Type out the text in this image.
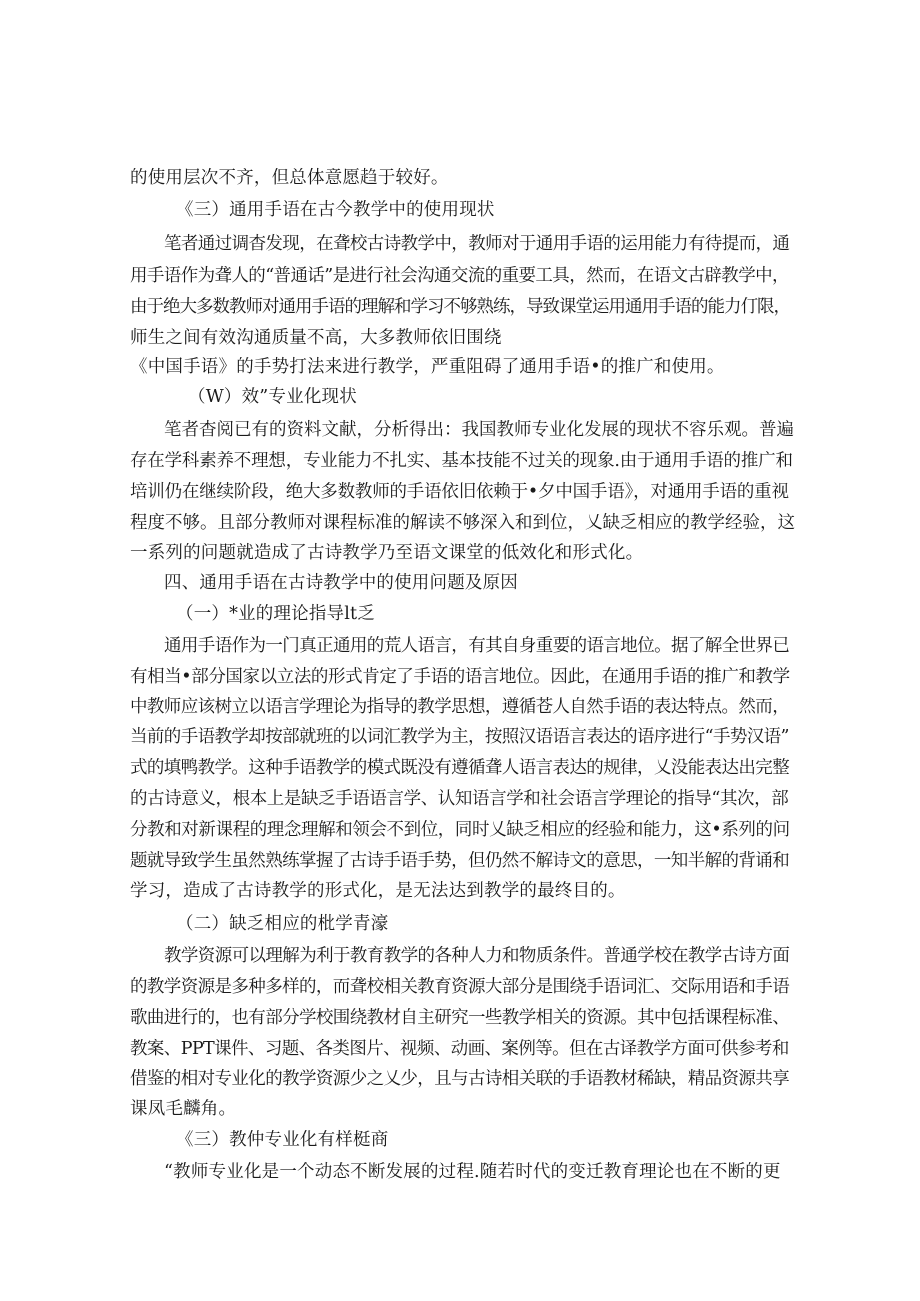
的使用层次不齐，但总体意愿趋于较好。
《三）通用手语在古今教学中的使用现状
笔者通过调杳发现，在聋校古诗教学中，教师对于通用手语的运用能力有待提而，通
用手语作为聋人的“普通话”是进行社会沟通交流的重要工具，然而，在语文古辟教学中，
由于绝大多数教师对通用手语的理解和学习不够熟练，导致课堂运用通用手语的能力仃限，
师生之间有效沟通质量不高，大多教师依旧围绕
《中国手语》的手势打法来进行教学，严重阻碍了通用手语•的推广和使用。
（W）效”专业化现状
笔者杳阅已有的资料文献，分析得出：我国教师专业化发展的现状不容乐观。普遍
存在学科素养不理想，专业能力不扎实、基本技能不过关的现象.由于通用手语的推广和
培训仍在继续阶段，绝大多数教师的手语依旧依赖于•夕中国手语》，对通用手语的重视
程度不够。且部分教师对课程标准的解读不够深入和到位，乂缺乏相应的教学经验，这
一系列的问题就造成了古诗教学乃至语文课堂的低效化和形式化。
四、通用手语在古诗教学中的使用问题及原因
（一）*业的理论指导lt乏
通用手语作为一门真正通用的荒人语言，有其自身重要的语言地位。据了解全世界已
有相当•部分国家以立法的形式肯定了手语的语言地位。因此，在通用手语的推广和教学
中教师应该树立以语言学理论为指导的教学思想，遵循苍人自然手语的表达特点。然而，
当前的手语教学却按部就班的以词汇教学为主，按照汉语语言表达的语序进行“手势汉语”
式的填鸭教学。这种手语教学的模式既没有遵循聋人语言表达的规律，乂没能表达出完整
的古诗意义，根本上是缺乏手语语言学、认知语言学和社会语言学理论的指导“其次，部
分教和对新课程的理念理解和领会不到位，同时乂缺乏相应的经验和能力，这•系列的问
题就导致学生虽然熟练掌握了古诗手语手势，但仍然不解诗文的意思，一知半解的背诵和
学习，造成了古诗教学的形式化，是无法达到教学的最终目的。
（二）缺乏相应的枇学青濠
教学资源可以理解为利于教育教学的各种人力和物质条件。普通学校在教学古诗方面
的教学资源是多种多样的，而聋校相关教育资源大部分是围绕手语词汇、交际用语和手语
歌曲进行的，也有部分学校围绕教材自主研究一些教学相关的资源。其中包括课程标准、
教案、PPT课件、习题、各类图片、视频、动画、案例等。但在古译教学方面可供参考和
借鉴的相对专业化的教学资源少之乂少，且与古诗相关联的手语教材稀缺，精品资源共享
课凤毛麟角。
《三）教仲专业化有样梃商
“教师专业化是一个动态不断发展的过程.随若时代的变迁教育理论也在不断的更
